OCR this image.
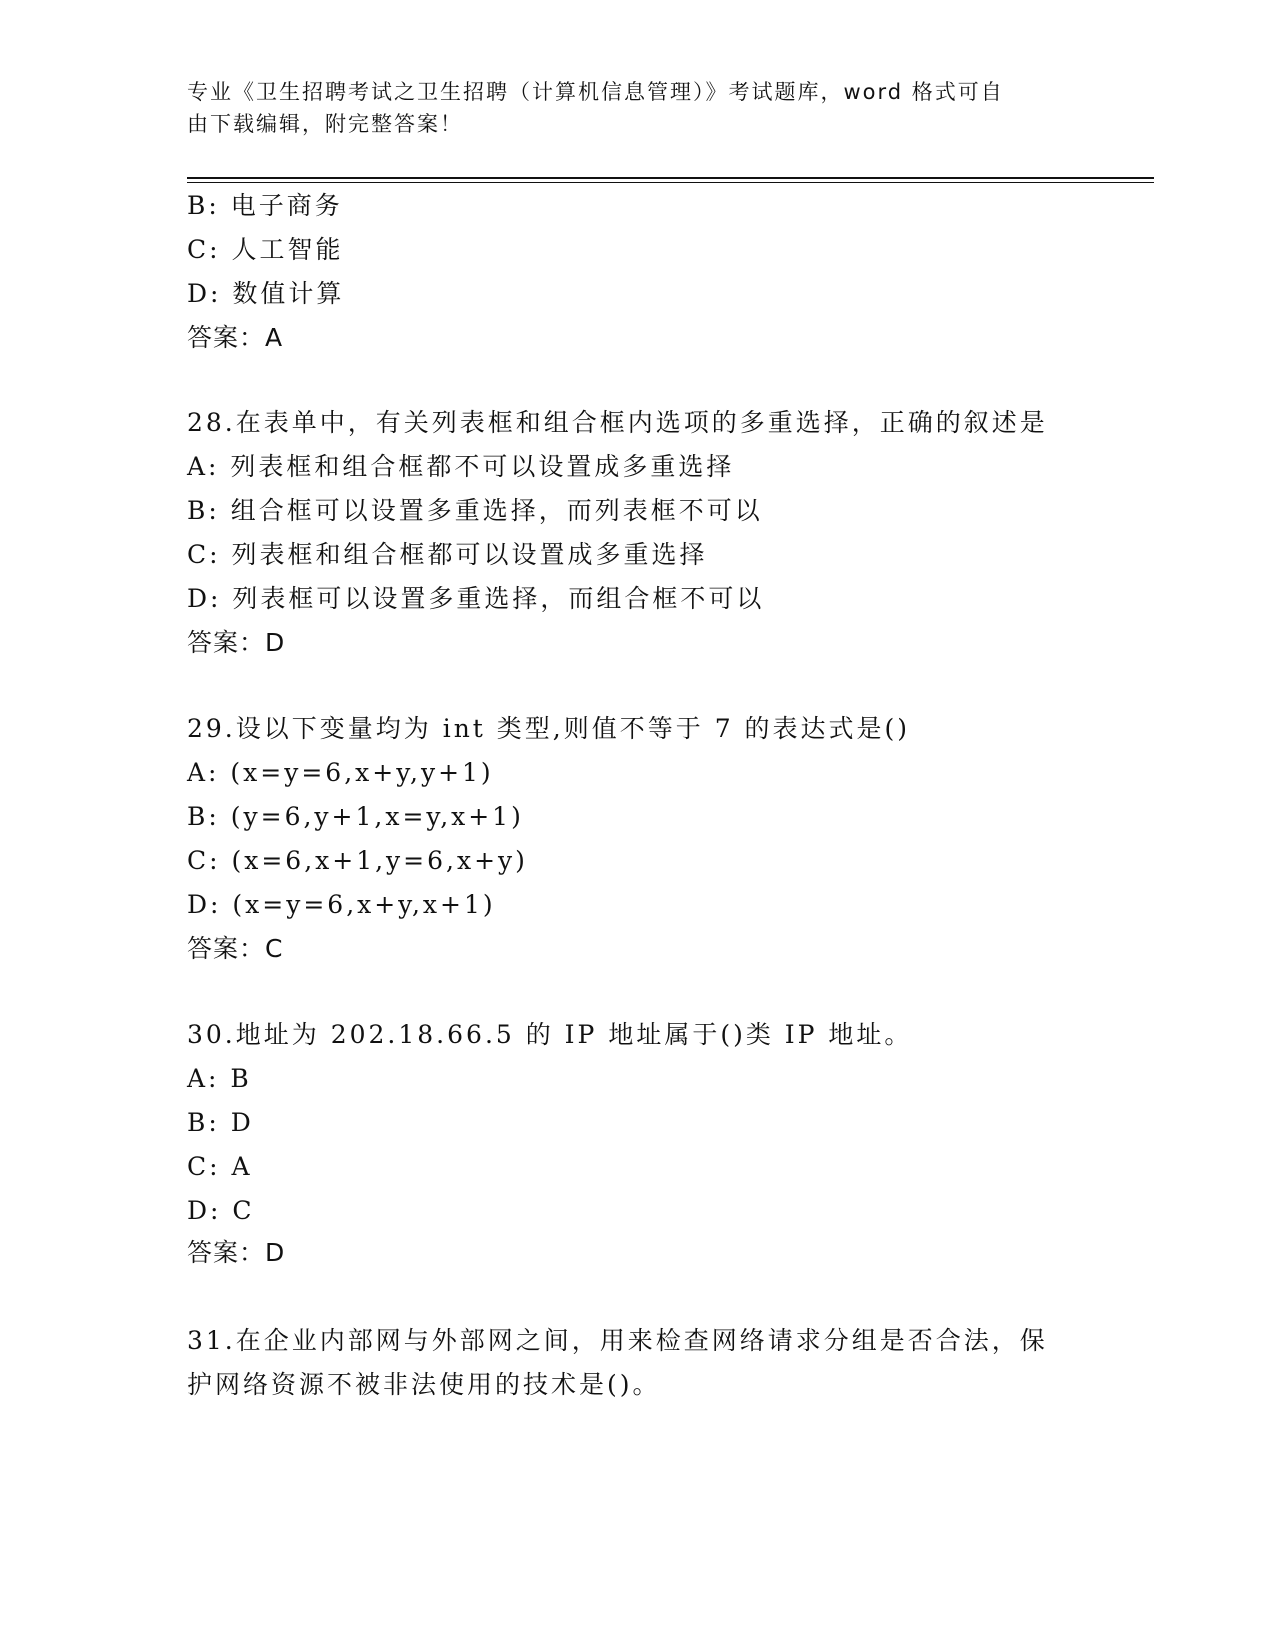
专业《卫生招聘考试之卫生招聘（计算机信息管理）》考试题库，word 格式可自
由下载编辑，附完整答案！
B: 电子商务
C: 人工智能
D: 数值计算
答案：A
28.在表单中，有关列表框和组合框内选项的多重选择，正确的叙述是
A: 列表框和组合框都不可以设置成多重选择
B: 组合框可以设置多重选择，而列表框不可以
C: 列表框和组合框都可以设置成多重选择
D: 列表框可以设置多重选择，而组合框不可以
答案：D
29.设以下变量均为 int 类型,则值不等于 7 的表达式是()
A: (x=y=6,x+y,y+1)
B: (y=6,y+1,x=y,x+1)
C: (x=6,x+1,y=6,x+y)
D: (x=y=6,x+y,x+1)
答案：C
30.地址为 202.18.66.5 的 IP 地址属于()类 IP 地址。
A: B
B: D
C: A
D: C
答案：D
31.在企业内部网与外部网之间，用来检查网络请求分组是否合法，保
护网络资源不被非法使用的技术是()。
